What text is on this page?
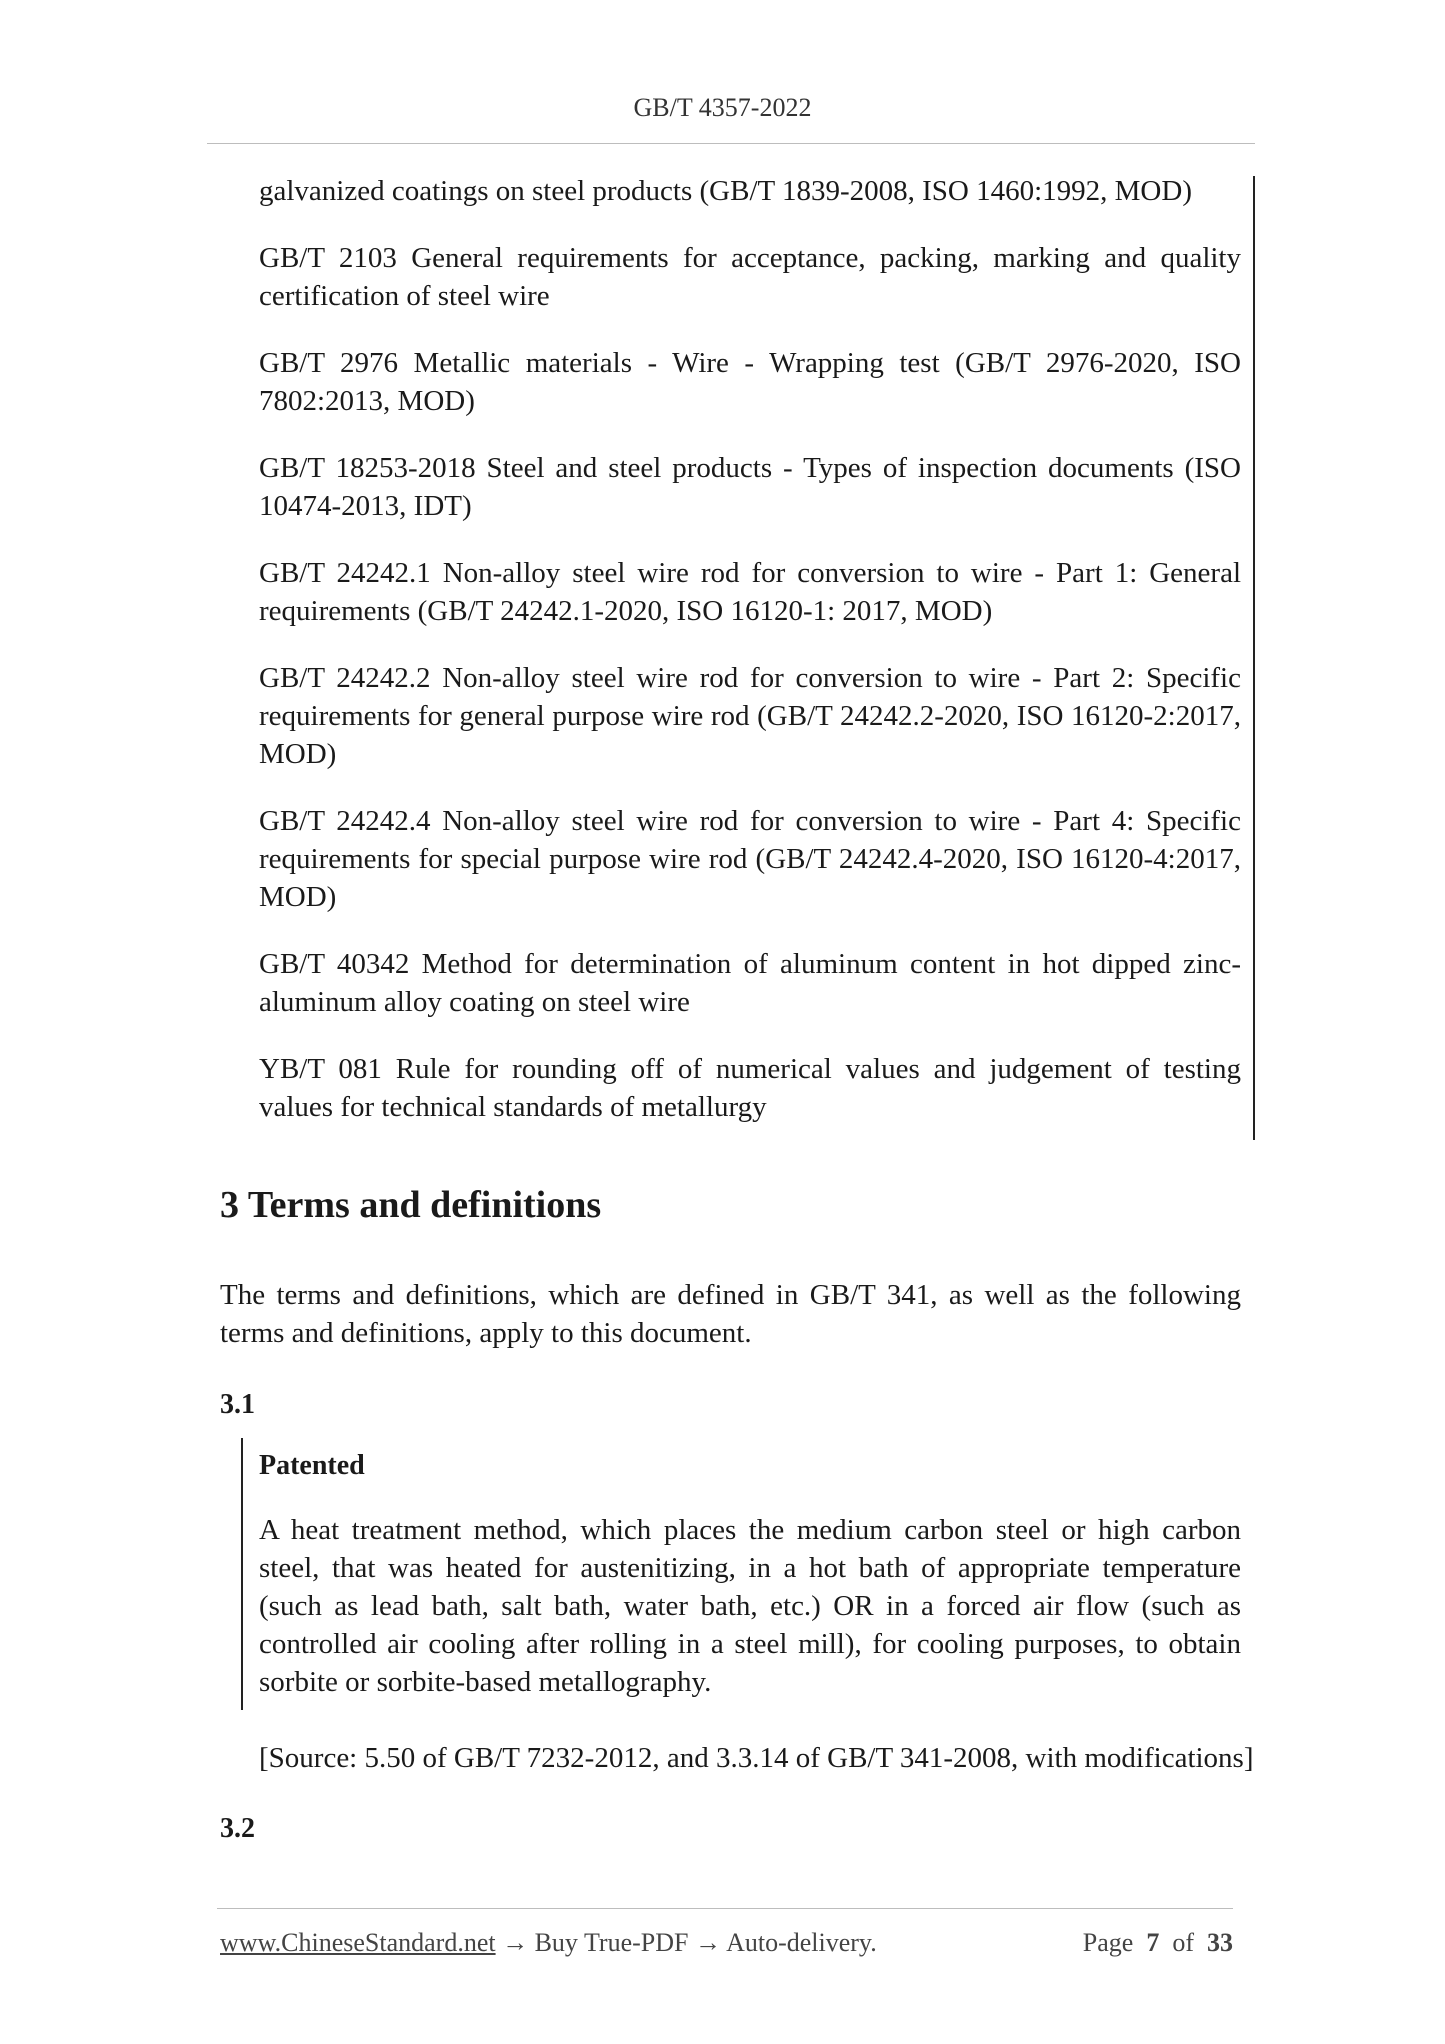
GB/T 4357-2022

galvanized coatings on steel products (GB/T 1839-2008, ISO 1460:1992, MOD)

GB/T 2103 General requirements for acceptance, packing, marking and quality certification of steel wire

GB/T 2976 Metallic materials - Wire - Wrapping test (GB/T 2976-2020, ISO 7802:2013, MOD)

GB/T 18253-2018 Steel and steel products - Types of inspection documents (ISO 10474-2013, IDT)

GB/T 24242.1 Non-alloy steel wire rod for conversion to wire - Part 1: General requirements (GB/T 24242.1-2020, ISO 16120-1: 2017, MOD)

GB/T 24242.2 Non-alloy steel wire rod for conversion to wire - Part 2: Specific requirements for general purpose wire rod (GB/T 24242.2-2020, ISO 16120-2:2017, MOD)

GB/T 24242.4 Non-alloy steel wire rod for conversion to wire - Part 4: Specific requirements for special purpose wire rod (GB/T 24242.4-2020, ISO 16120-4:2017, MOD)

GB/T 40342 Method for determination of aluminum content in hot dipped zinc-aluminum alloy coating on steel wire

YB/T 081 Rule for rounding off of numerical values and judgement of testing values for technical standards of metallurgy

3 Terms and definitions

The terms and definitions, which are defined in GB/T 341, as well as the following terms and definitions, apply to this document.

3.1

Patented

A heat treatment method, which places the medium carbon steel or high carbon steel, that was heated for austenitizing, in a hot bath of appropriate temperature (such as lead bath, salt bath, water bath, etc.) OR in a forced air flow (such as controlled air cooling after rolling in a steel mill), for cooling purposes, to obtain sorbite or sorbite-based metallography.

[Source: 5.50 of GB/T 7232-2012, and 3.3.14 of GB/T 341-2008, with modifications]
3.2
www.ChineseStandard.net → Buy True-PDF → Auto-delivery.	Page 7 of 33
